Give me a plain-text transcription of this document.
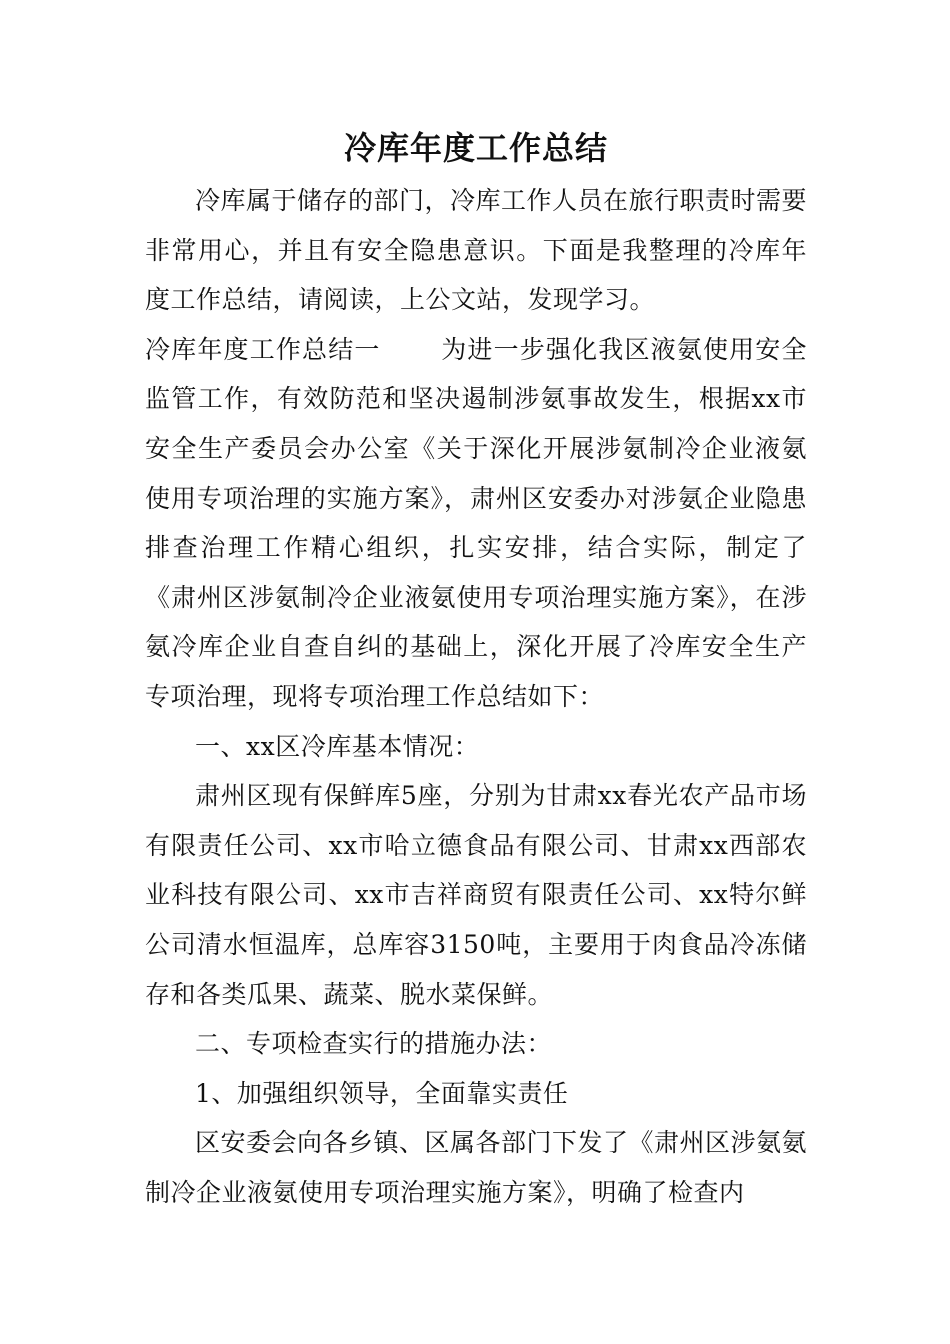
冷库年度工作总结

冷库属于储存的部门，冷库工作人员在旅行职责时需要非常用心，并且有安全隐患意识。下面是我整理的冷库年度工作总结，请阅读，上公文站，发现学习。

冷库年度工作总结一 为进一步强化我区液氨使用安全监管工作，有效防范和坚决遏制涉氨事故发生，根据xx市安全生产委员会办公室《关于深化开展涉氨制冷企业液氨使用专项治理的实施方案》，肃州区安委办对涉氨企业隐患排查治理工作精心组织，扎实安排，结合实际，制定了《肃州区涉氨制冷企业液氨使用专项治理实施方案》，在涉氨冷库企业自查自纠的基础上，深化开展了冷库安全生产专项治理，现将专项治理工作总结如下：

一、xx区冷库基本情况：

肃州区现有保鲜库5座，分别为甘肃xx春光农产品市场有限责任公司、xx市哈立德食品有限公司、甘肃xx西部农业科技有限公司、xx市吉祥商贸有限责任公司、xx特尔鲜公司清水恒温库，总库容3150吨，主要用于肉食品冷冻储存和各类瓜果、蔬菜、脱水菜保鲜。

二、专项检查实行的措施办法：

1、加强组织领导，全面靠实责任

区安委会向各乡镇、区属各部门下发了《肃州区涉氨氨制冷企业液氨使用专项治理实施方案》，明确了检查内
